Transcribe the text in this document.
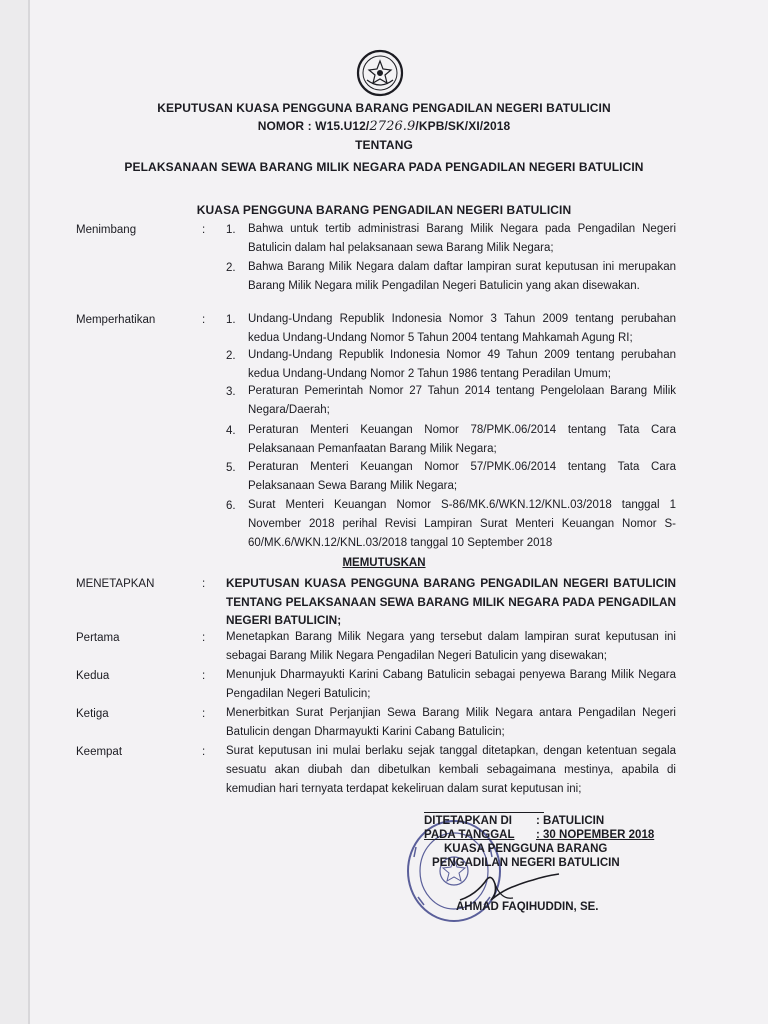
KEPUTUSAN KUASA PENGGUNA BARANG PENGADILAN NEGERI BATULICIN
NOMOR : W15.U12/2726.9/KPB/SK/XI/2018
TENTANG
PELAKSANAAN SEWA BARANG MILIK NEGARA PADA PENGADILAN NEGERI BATULICIN
KUASA PENGGUNA BARANG PENGADILAN NEGERI BATULICIN
Menimbang	: 1. Bahwa untuk tertib administrasi Barang Milik Negara pada Pengadilan Negeri Batulicin dalam hal pelaksanaan sewa Barang Milik Negara;
2. Bahwa Barang Milik Negara dalam daftar lampiran surat keputusan ini merupakan Barang Milik Negara milik Pengadilan Negeri Batulicin yang akan disewakan.
Memperhatikan	: 1. Undang-Undang Republik Indonesia Nomor 3 Tahun 2009 tentang perubahan kedua Undang-Undang Nomor 5 Tahun 2004 tentang Mahkamah Agung RI;
2. Undang-Undang Republik Indonesia Nomor 49 Tahun 2009 tentang perubahan kedua Undang-Undang Nomor 2 Tahun 1986 tentang Peradilan Umum;
3. Peraturan Pemerintah Nomor 27 Tahun 2014 tentang Pengelolaan Barang Milik Negara/Daerah;
4. Peraturan Menteri Keuangan Nomor 78/PMK.06/2014 tentang Tata Cara Pelaksanaan Pemanfaatan Barang Milik Negara;
5. Peraturan Menteri Keuangan Nomor 57/PMK.06/2014 tentang Tata Cara Pelaksanaan Sewa Barang Milik Negara;
6. Surat Menteri Keuangan Nomor S-86/MK.6/WKN.12/KNL.03/2018 tanggal 1 November 2018 perihal Revisi Lampiran Surat Menteri Keuangan Nomor S-60/MK.6/WKN.12/KNL.03/2018 tanggal 10 September 2018
MEMUTUSKAN
MENETAPKAN	: KEPUTUSAN KUASA PENGGUNA BARANG PENGADILAN NEGERI BATULICIN TENTANG PELAKSANAAN SEWA BARANG MILIK NEGARA PADA PENGADILAN NEGERI BATULICIN;
Pertama	: Menetapkan Barang Milik Negara yang tersebut dalam lampiran surat keputusan ini sebagai Barang Milik Negara Pengadilan Negeri Batulicin yang disewakan;
Kedua	: Menunjuk Dharmayukti Karini Cabang Batulicin sebagai penyewa Barang Milik Negara Pengadilan Negeri Batulicin;
Ketiga	: Menerbitkan Surat Perjanjian Sewa Barang Milik Negara antara Pengadilan Negeri Batulicin dengan Dharmayukti Karini Cabang Batulicin;
Keempat	: Surat keputusan ini mulai berlaku sejak tanggal ditetapkan, dengan ketentuan segala sesuatu akan diubah dan dibetulkan kembali sebagaimana mestinya, apabila di kemudian hari ternyata terdapat kekeliruan dalam surat keputusan ini;
DITETAPKAN DI : BATULICIN
PADA TANGGAL : 30 NOPEMBER 2018
KUASA PENGGUNA BARANG
PENGADILAN NEGERI BATULICIN
AHMAD FAQIHUDDIN, SE.
